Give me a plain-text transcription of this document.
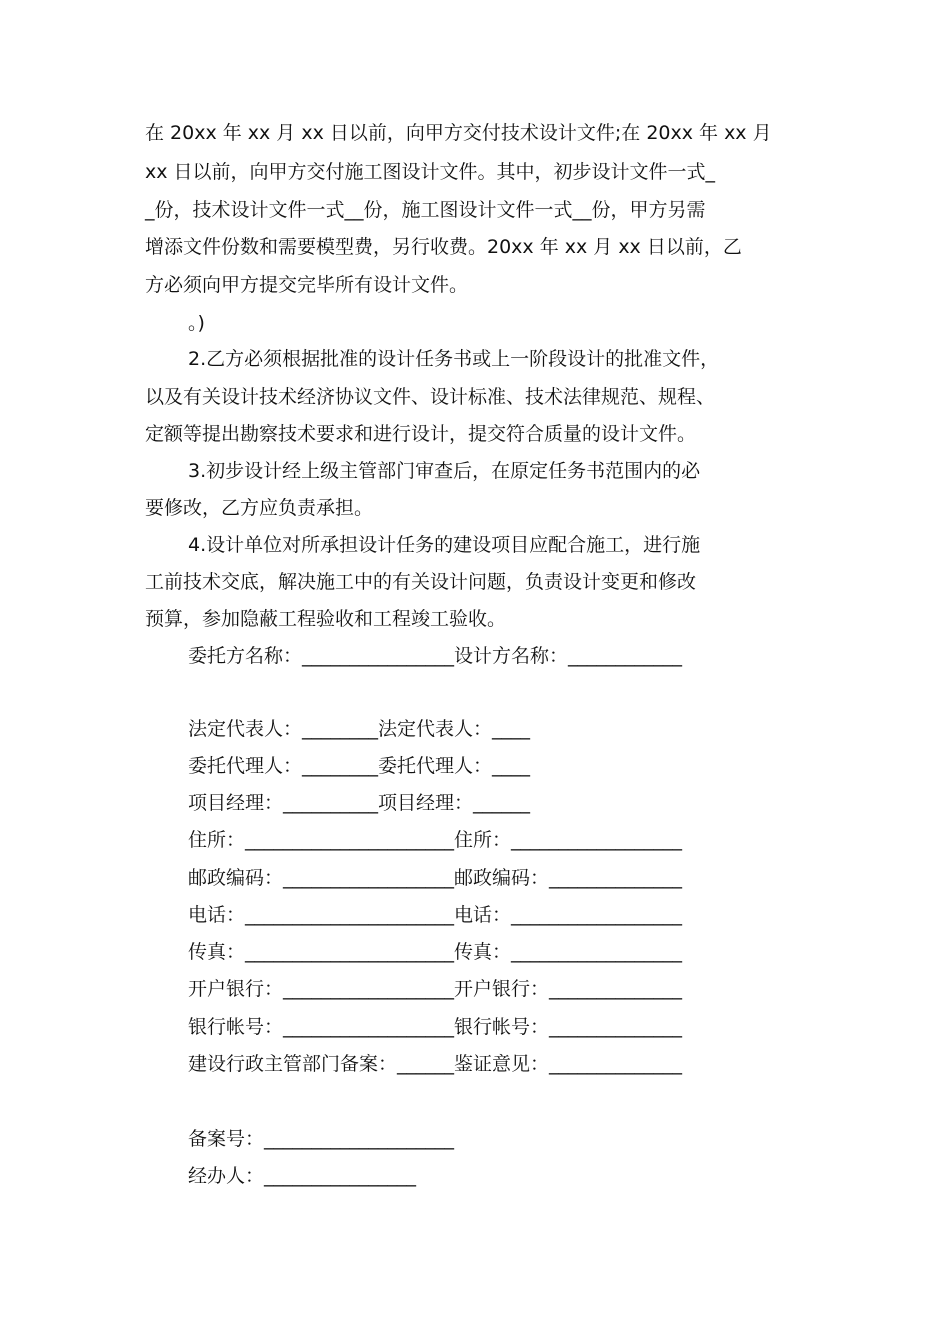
在 20xx 年 xx 月 xx 日以前，向甲方交付技术设计文件;在 20xx 年 xx 月
xx 日以前，向甲方交付施工图设计文件。其中，初步设计文件一式_
_份，技术设计文件一式__份，施工图设计文件一式__份，甲方另需
增添文件份数和需要模型费，另行收费。20xx 年 xx 月 xx 日以前，乙
方必须向甲方提交完毕所有设计文件。
。)
2.乙方必须根据批准的设计任务书或上一阶段设计的批准文件，
以及有关设计技术经济协议文件、设计标准、技术法律规范、规程、
定额等提出勘察技术要求和进行设计，提交符合质量的设计文件。
3.初步设计经上级主管部门审查后，在原定任务书范围内的必
要修改，乙方应负责承担。
4.设计单位对所承担设计任务的建设项目应配合施工，进行施
工前技术交底，解决施工中的有关设计问题，负责设计变更和修改
预算，参加隐蔽工程验收和工程竣工验收。
委托方名称：________________设计方名称：____________
法定代表人：________法定代表人：____
委托代理人：________委托代理人：____
项目经理：__________项目经理：______
住所：______________________住所：__________________
邮政编码：__________________邮政编码：______________
电话：______________________电话：__________________
传真：______________________传真：__________________
开户银行：__________________开户银行：______________
银行帐号：__________________银行帐号：______________
建设行政主管部门备案：______鉴证意见：______________
备案号：____________________
经办人：________________
